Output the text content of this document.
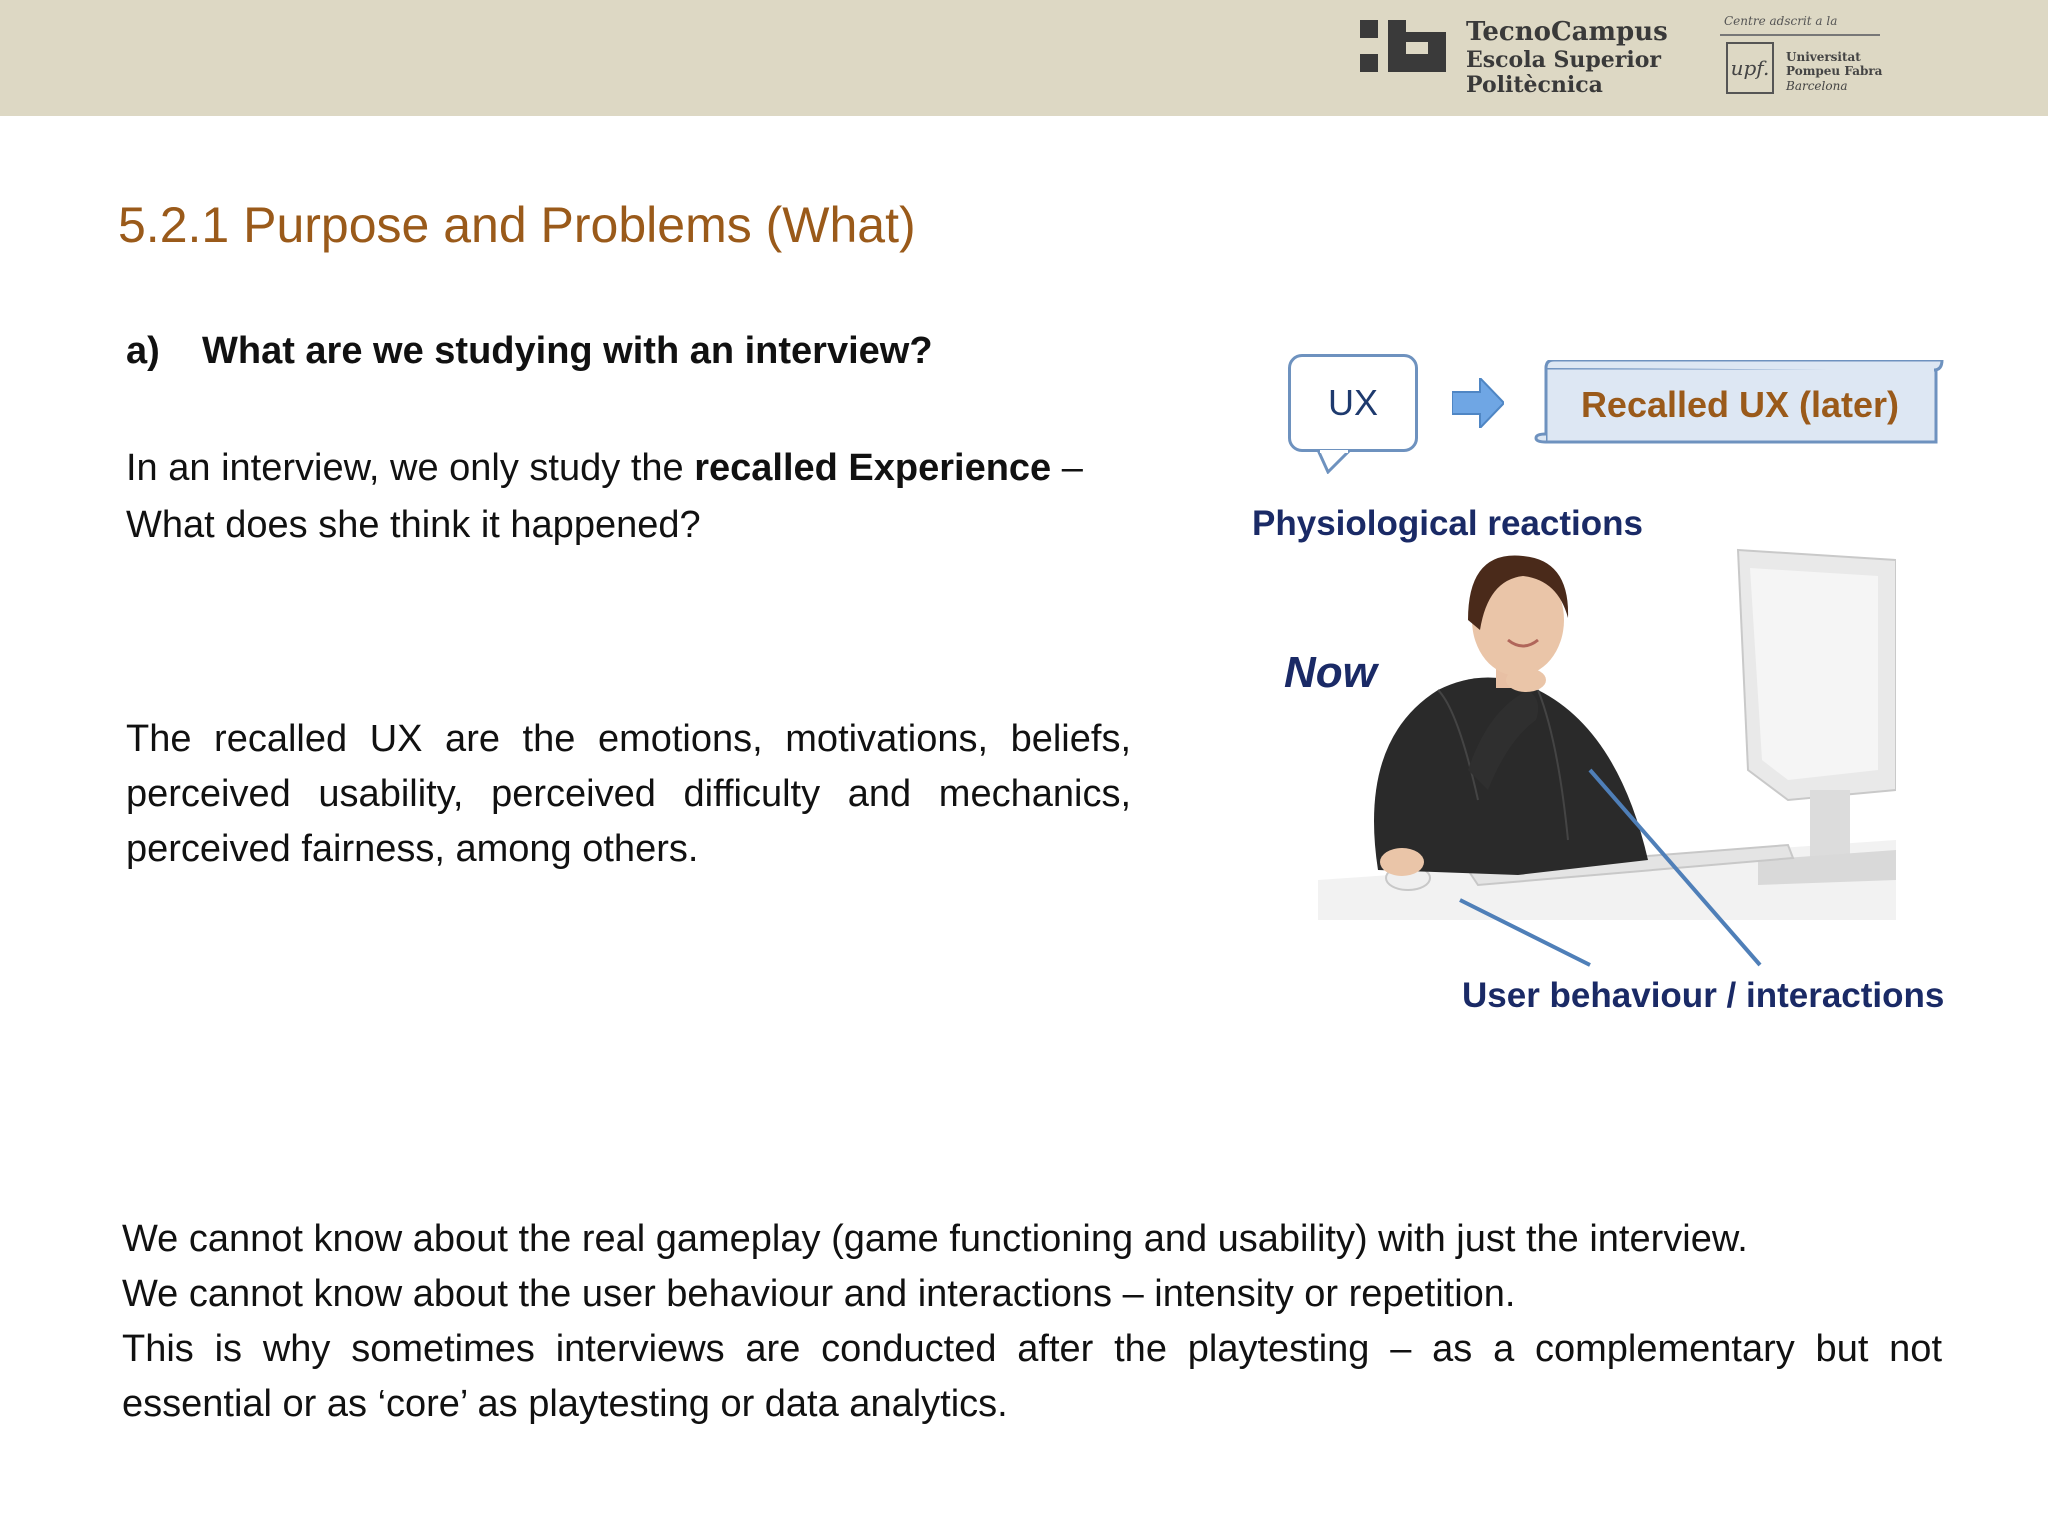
TecnoCampus
Escola Superior
Politècnica
Centre adscrit a la
upf.	Universitat
Pompeu Fabra
Barcelona
5.2.1 Purpose and Problems (What)
a) What are we studying with an interview?
In an interview, we only study the recalled Experience – What does she think it happened?
The recalled UX are the emotions, motivations, beliefs, perceived usability, perceived difficulty and mechanics, perceived fairness, among others.
UX	Recalled UX (later)
Physiological reactions
Now
User behaviour / interactions

We cannot know about the real gameplay (game functioning and usability) with just the interview.

We cannot know about the user behaviour and interactions – intensity or repetition.

This is why sometimes interviews are conducted after the playtesting – as a complementary but not essential or as ‘core’ as playtesting or data analytics.
